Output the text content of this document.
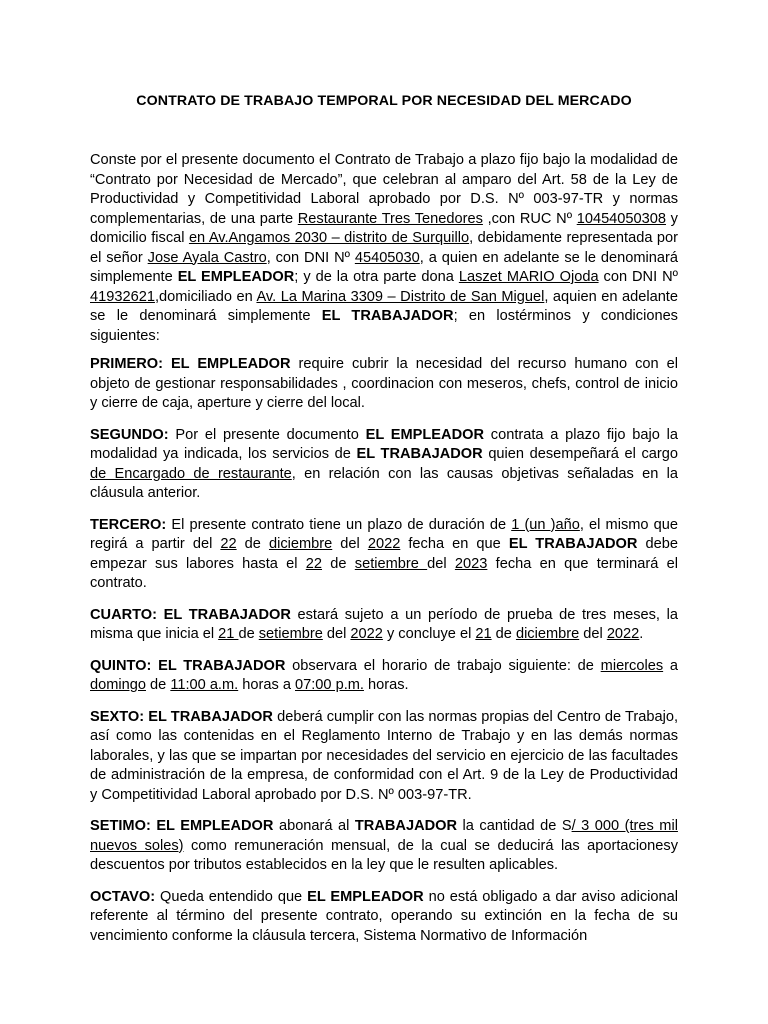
CONTRATO DE TRABAJO TEMPORAL POR NECESIDAD DEL MERCADO

Conste por el presente documento el Contrato de Trabajo a plazo fijo bajo la modalidad de “Contrato por Necesidad de Mercado”, que celebran al amparo del Art. 58 de la Ley de Productividad y Competitividad Laboral aprobado por D.S. Nº 003-97-TR y normas complementarias, de una parte Restaurante Tres Tenedores ,con RUC Nº 10454050308 y domicilio fiscal en Av.Angamos 2030 – distrito de Surquillo, debidamente representada por el señor Jose Ayala Castro, con DNI Nº 45405030, a quien en adelante se le denominará simplemente EL EMPLEADOR; y de la otra parte dona Laszet MARIO Ojoda con DNI Nº 41932621,domiciliado en Av. La Marina 3309 – Distrito de San Miguel, aquien en adelante se le denominará simplemente EL TRABAJADOR; en lostérminos y condiciones siguientes:

PRIMERO: EL EMPLEADOR require cubrir la necesidad del recurso humano con el objeto de gestionar responsabilidades , coordinacion con meseros, chefs, control de inicio y cierre de caja, aperture y cierre del local.

SEGUNDO: Por el presente documento EL EMPLEADOR contrata a plazo fijo bajo la modalidad ya indicada, los servicios de EL TRABAJADOR quien desempeñará el cargo de Encargado de restaurante, en relación con las causas objetivas señaladas en la cláusula anterior.

TERCERO: El presente contrato tiene un plazo de duración de 1 (un )año, el mismo que regirá a partir del 22 de diciembre del 2022 fecha en que EL TRABAJADOR debe empezar sus labores hasta el 22 de setiembre del 2023 fecha en que terminará el contrato.

CUARTO: EL TRABAJADOR estará sujeto a un período de prueba de tres meses, la misma que inicia el 21 de setiembre del 2022 y concluye el 21 de diciembre del 2022.

QUINTO: EL TRABAJADOR observara el horario de trabajo siguiente: de miercoles a domingo de 11:00 a.m. horas a 07:00 p.m. horas.

SEXTO: EL TRABAJADOR deberá cumplir con las normas propias del Centro de Trabajo, así como las contenidas en el Reglamento Interno de Trabajo y en las demás normas laborales, y las que se impartan por necesidades del servicio en ejercicio de las facultades de administración de la empresa, de conformidad con el Art. 9 de la Ley de Productividad y Competitividad Laboral aprobado por D.S. Nº 003-97-TR.

SETIMO: EL EMPLEADOR abonará al TRABAJADOR la cantidad de S/ 3 000 (tres mil nuevos soles) como remuneración mensual, de la cual se deducirá las aportacionesy descuentos por tributos establecidos en la ley que le resulten aplicables.

OCTAVO: Queda entendido que EL EMPLEADOR no está obligado a dar aviso adicional referente al término del presente contrato, operando su extinción en la fecha de su vencimiento conforme la cláusula tercera, Sistema Normativo de Información
